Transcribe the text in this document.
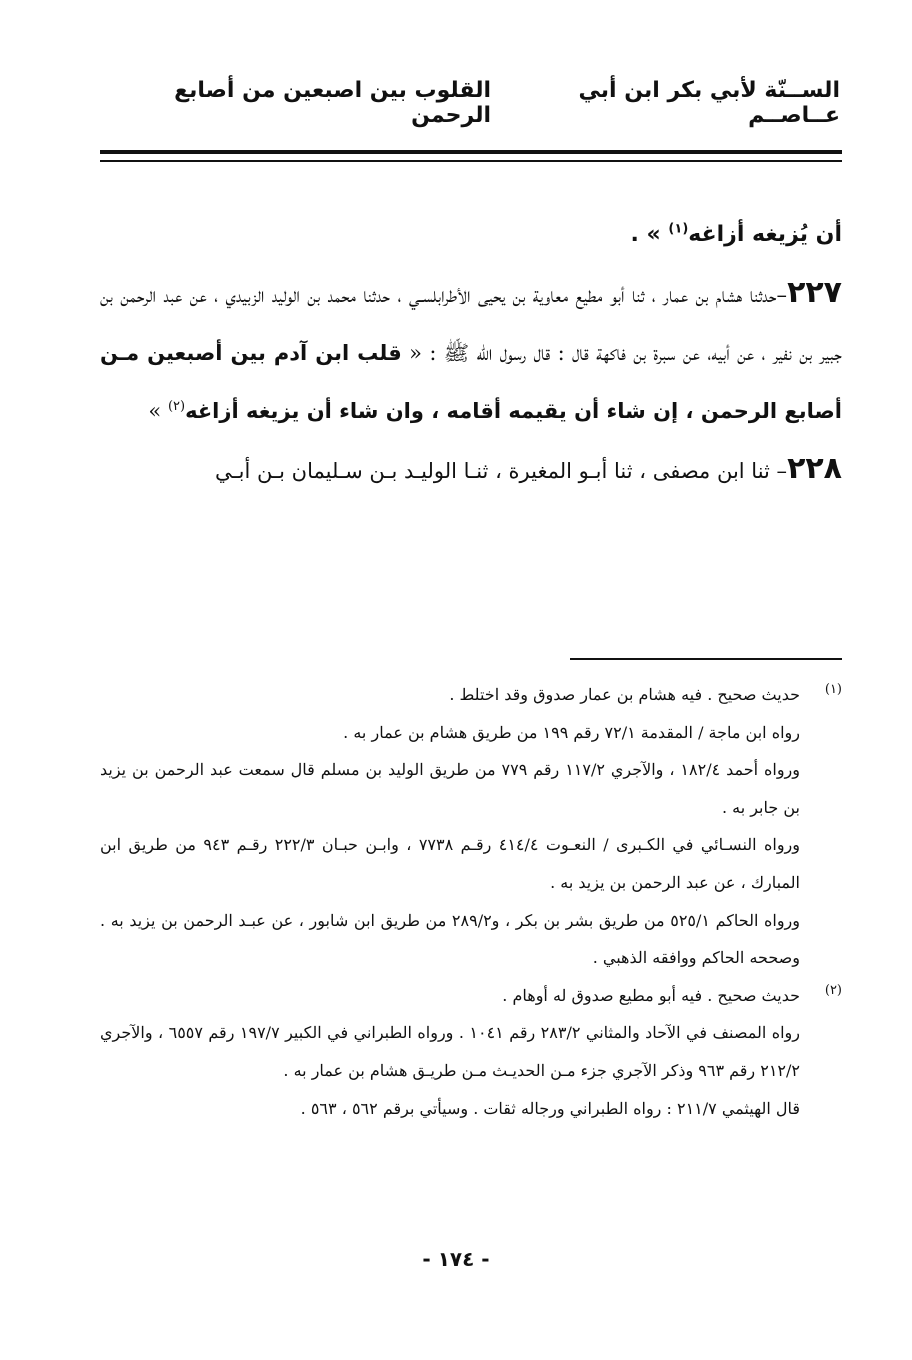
الســنّة لأبي بكر ابن أبي عــاصــم
القلوب بين اصبعين من أصابع الرحمن

أن يُزيغه أزاغه$^{(١)}$ » .

٢٢٧–حدثنا هشام بن عمار ، ثنا أبو مطيع معاوية بن يحيى الأطرابلسـي ، حدثنا محمد بن الوليد الزبيدي ، عن عبد الرحمن بن جبير بن نفير ، عن أبيه، عن سبرة بن فاكهة قال : قال رسول الله ﷺ : « قلب ابن آدم بين أصبعين مـن أصابع الرحمن ، إن شاء أن يقيمه أقامه ، وان شاء أن يزيغه أزاغه$^{(٢)}$ »

٢٢٨– ثنا ابن مصفى ، ثنا أبـو المغيرة ، ثنـا الوليـد بـن سـليمان بـن أبـي

(١)

حديث صحيح . فيه هشام بن عمار صدوق وقد اختلط .

رواه ابن ماجة / المقدمة ٧٢/١ رقم ١٩٩ من طريق هشام بن عمار به .

ورواه أحمد ١٨٢/٤ ، والآجري ١١٧/٢ رقم ٧٧٩ من طريق الوليد بن مسلم قال سمعت عبد الرحمن بن يزيد بن جابر به .

ورواه النسـائي في الكـبرى / النعـوت ٤١٤/٤ رقـم ٧٧٣٨ ، وابـن حبـان ٢٢٢/٣ رقـم ٩٤٣ من طريق ابن المبارك ، عن عبد الرحمن بن يزيد به .

ورواه الحاكم ٥٢٥/١ من طريق بشر بن بكر ، و٢٨٩/٢ من طريق ابن شابور ، عن عبـد الرحمن بن يزيد به . وصححه الحاكم ووافقه الذهبي .

(٢)

حديث صحيح . فيه أبو مطيع صدوق له أوهام .

رواه المصنف في الآحاد والمثاني ٢٨٣/٢ رقم ١٠٤١ . ورواه الطبراني في الكبير ١٩٧/٧ رقم ٦٥٥٧ ، والآجري ٢١٢/٢ رقم ٩٦٣ وذكر الآجري جزء مـن الحديـث مـن طريـق هشام بن عمار به .

قال الهيثمي ٢١١/٧ : رواه الطبراني ورجاله ثقات . وسيأتي برقم ٥٦٢ ، ٥٦٣ .

- ١٧٤ -
